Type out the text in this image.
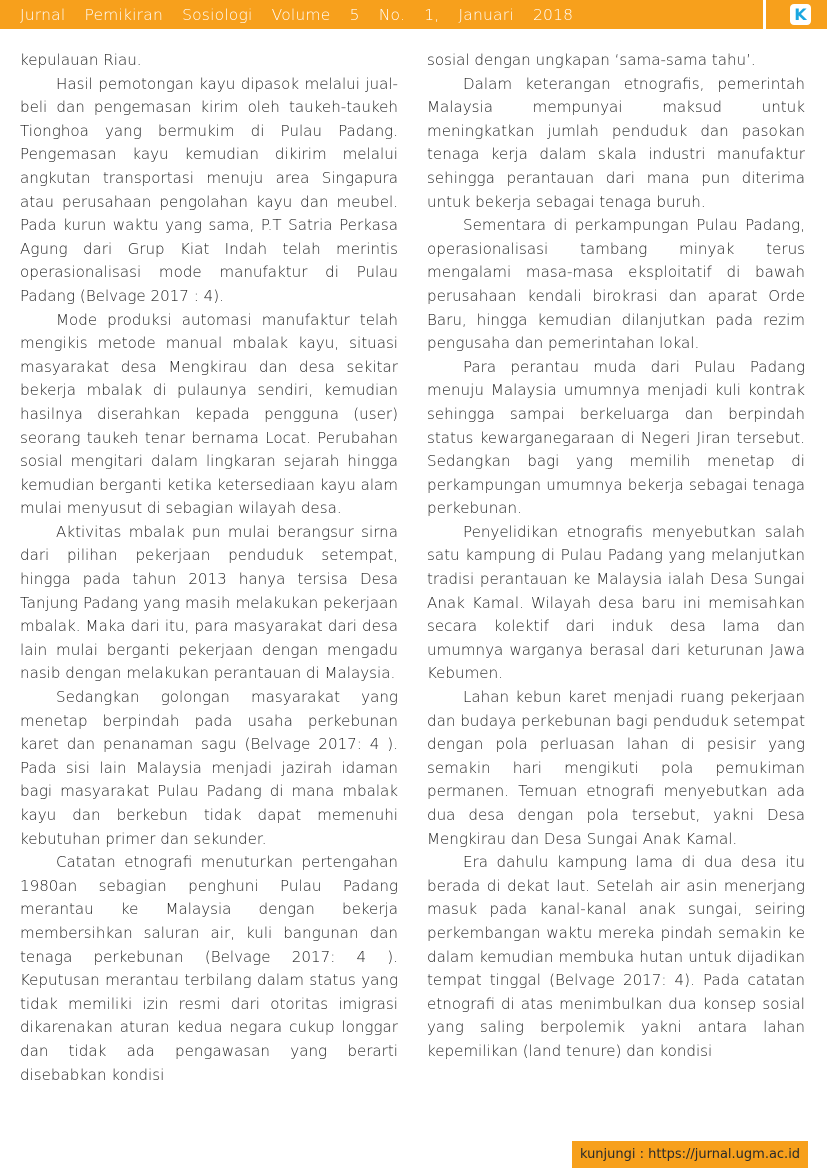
Jurnal Pemikiran Sosiologi Volume 5 No. 1, Januari 2018	K

kepulauan Riau.

Hasil pemotongan kayu dipasok melalui jual-beli dan pengemasan kirim oleh taukeh-taukeh Tionghoa yang bermukim di Pulau Padang. Pengemasan kayu kemudian dikirim melalui angkutan transportasi menuju area Singapura atau perusahaan pengolahan kayu dan meubel. Pada kurun waktu yang sama, P.T Satria Perkasa Agung dari Grup Kiat Indah telah merintis operasionalisasi mode manufaktur di Pulau Padang (Belvage 2017 : 4).

Mode produksi automasi manufaktur telah mengikis metode manual mbalak kayu, situasi masyarakat desa Mengkirau dan desa sekitar bekerja mbalak di pulaunya sendiri, kemudian hasilnya diserahkan kepada pengguna (user) seorang taukeh tenar bernama Locat. Perubahan sosial mengitari dalam lingkaran sejarah hingga kemudian berganti ketika ketersediaan kayu alam mulai menyusut di sebagian wilayah desa.

Aktivitas mbalak pun mulai berangsur sirna dari pilihan pekerjaan penduduk setempat, hingga pada tahun 2013 hanya tersisa Desa Tanjung Padang yang masih melakukan pekerjaan mbalak. Maka dari itu, para masyarakat dari desa lain mulai berganti pekerjaan dengan mengadu nasib dengan melakukan perantauan di Malaysia.

Sedangkan golongan masyarakat yang menetap berpindah pada usaha perkebunan karet dan penanaman sagu (Belvage 2017: 4 ). Pada sisi lain Malaysia menjadi jazirah idaman bagi masyarakat Pulau Padang di mana mbalak kayu dan berkebun tidak dapat memenuhi kebutuhan primer dan sekunder.

Catatan etnografi menuturkan pertengahan 1980an sebagian penghuni Pulau Padang merantau ke Malaysia dengan bekerja membersihkan saluran air, kuli bangunan dan tenaga perkebunan (Belvage 2017: 4 ). Keputusan merantau terbilang dalam status yang tidak memiliki izin resmi dari otoritas imigrasi dikarenakan aturan kedua negara cukup longgar dan tidak ada pengawasan yang berarti disebabkan kondisi

sosial dengan ungkapan ‘sama-sama tahu’.

Dalam keterangan etnografis, pemerintah Malaysia mempunyai maksud untuk meningkatkan jumlah penduduk dan pasokan tenaga kerja dalam skala industri manufaktur sehingga perantauan dari mana pun diterima untuk bekerja sebagai tenaga buruh.

Sementara di perkampungan Pulau Padang, operasionalisasi tambang minyak terus mengalami masa-masa eksploitatif di bawah perusahaan kendali birokrasi dan aparat Orde Baru, hingga kemudian dilanjutkan pada rezim pengusaha dan pemerintahan lokal.

Para perantau muda dari Pulau Padang menuju Malaysia umumnya menjadi kuli kontrak sehingga sampai berkeluarga dan berpindah status kewarganegaraan di Negeri Jiran tersebut. Sedangkan bagi yang memilih menetap di perkampungan umumnya bekerja sebagai tenaga perkebunan.

Penyelidikan etnografis menyebutkan salah satu kampung di Pulau Padang yang melanjutkan tradisi perantauan ke Malaysia ialah Desa Sungai Anak Kamal. Wilayah desa baru ini memisahkan secara kolektif dari induk desa lama dan umumnya warganya berasal dari keturunan Jawa Kebumen.

Lahan kebun karet menjadi ruang pekerjaan dan budaya perkebunan bagi penduduk setempat dengan pola perluasan lahan di pesisir yang semakin hari mengikuti pola pemukiman permanen. Temuan etnografi menyebutkan ada dua desa dengan pola tersebut, yakni Desa Mengkirau dan Desa Sungai Anak Kamal.

Era dahulu kampung lama di dua desa itu berada di dekat laut. Setelah air asin menerjang masuk pada kanal-kanal anak sungai, seiring perkembangan waktu mereka pindah semakin ke dalam kemudian membuka hutan untuk dijadikan tempat tinggal (Belvage 2017: 4). Pada catatan etnografi di atas menimbulkan dua konsep sosial yang saling berpolemik yakni antara lahan kepemilikan (land tenure) dan kondisi

kunjungi : https://jurnal.ugm.ac.id
